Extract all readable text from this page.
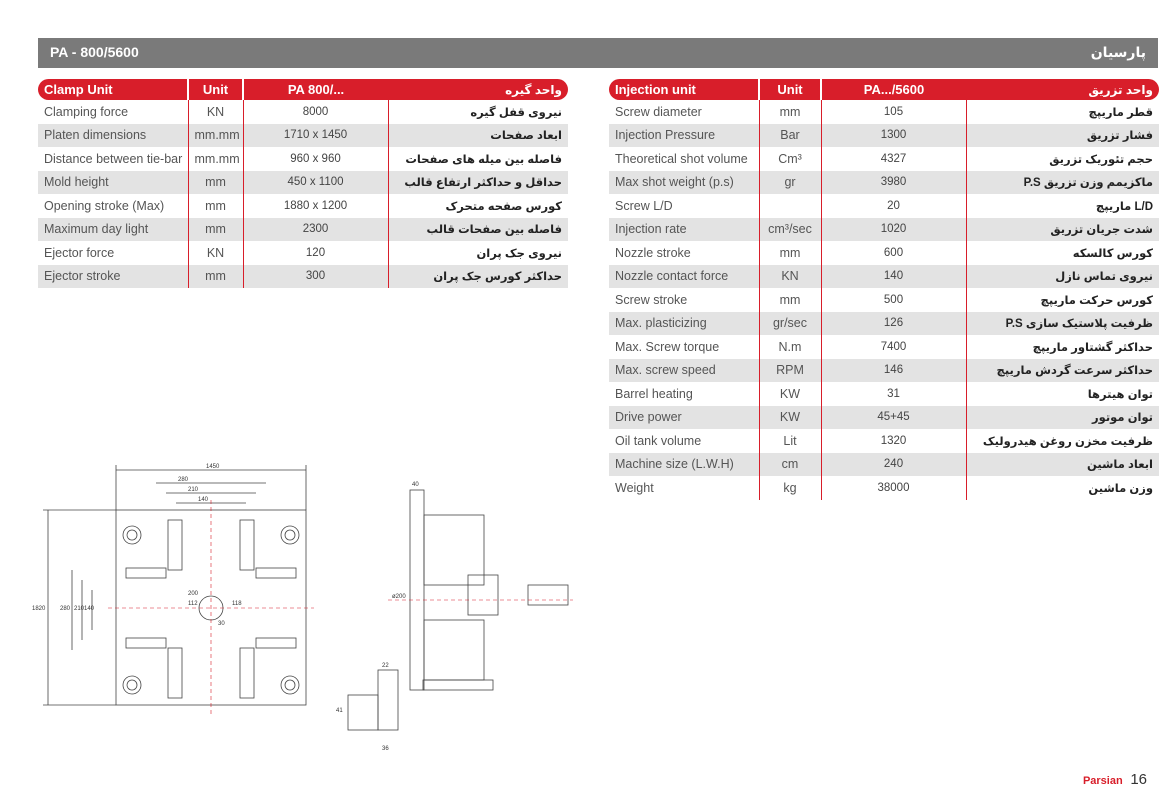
PA - 800/5600	پارسیان
Clamp Unit	Unit	PA 800/...	واحد گیره
Clamping force	KN	8000	نیروی قفل گیره
Platen dimensions	mm.mm	1710 x 1450	ابعاد صفحات
Distance between tie-bar	mm.mm	960 x 960	فاصله بین میله های صفحات
Mold height	mm	450 x 1100	حداقل و حداکثر ارتفاع قالب
Opening stroke (Max)	mm	1880 x 1200	کورس صفحه متحرک
Maximum day light	mm	2300	فاصله بین صفحات قالب
Ejector force	KN	120	نیروی جک پران
Ejector stroke	mm	300	حداکثر کورس جک پران
Injection unit	Unit	PA.../5600	واحد تزریق
Screw diameter	mm	105	قطر ماریپچ
Injection Pressure	Bar	1300	فشار تزریق
Theoretical shot volume	Cm³	4327	حجم تئوریک تزریق
Max shot weight (p.s)	gr	3980	ماکزیمم وزن تزریق P.S
Screw L/D		20	L/D ماریپچ
Injection rate	cm³/sec	1020	شدت جریان تزریق
Nozzle stroke	mm	600	کورس کالسکه
Nozzle contact force	KN	140	نیروی تماس نازل
Screw stroke	mm	500	کورس حرکت ماریپچ
Max. plasticizing	gr/sec	126	ظرفیت پلاستیک سازی P.S
Max. Screw torque	N.m	7400	حداکثر گشتاور ماریپچ
Max. screw speed	RPM	146	حداکثر سرعت گردش ماریپچ
Barrel heating	KW	31	توان هیترها
Drive power	KW	45+45	توان موتور
Oil tank volume	Lit	1320	ظرفیت مخزن روغن هیدرولیک
Machine size (L.W.H)	cm	240	ابعاد ماشین
Weight	kg	38000	وزن ماشین
1450
280
210
140
1820 280 210 140
200
112	118
30
40
ø200
22
41
36
Parsian 16
